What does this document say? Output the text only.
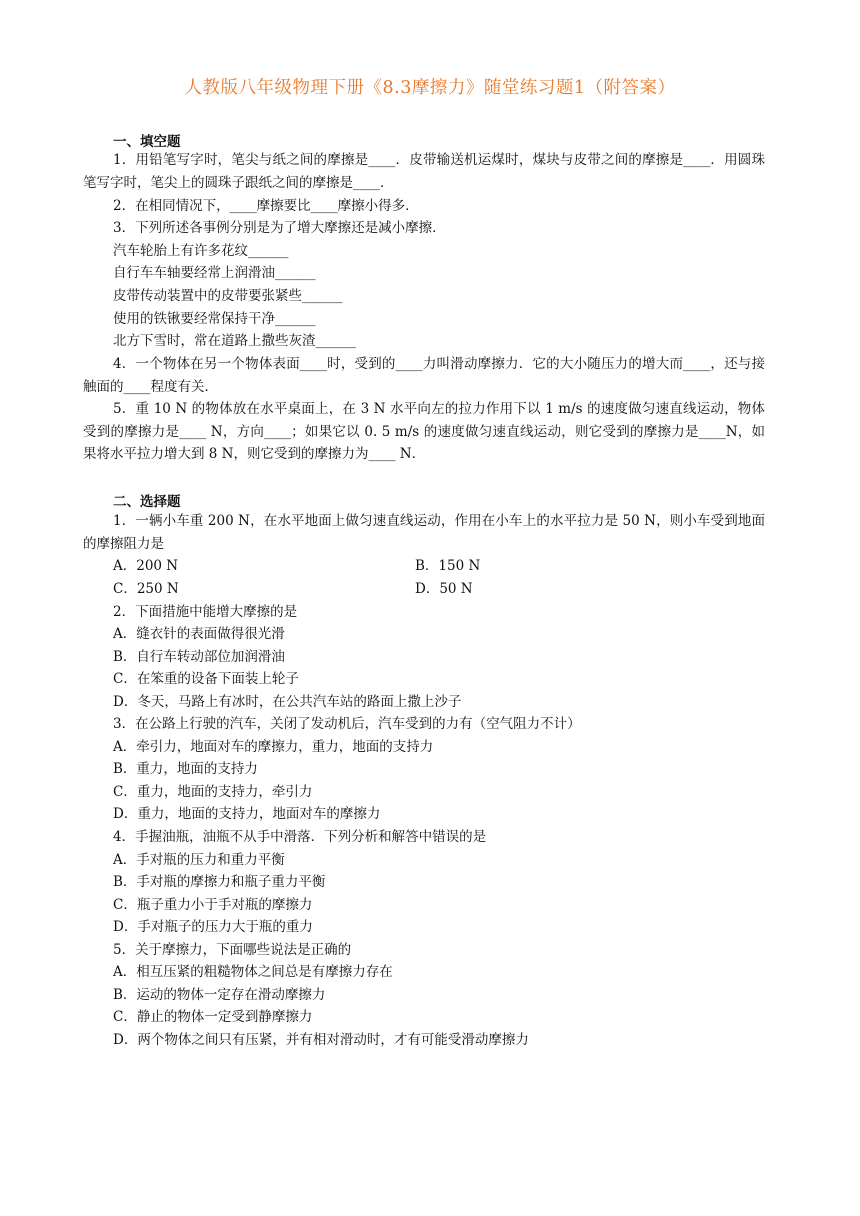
人教版八年级物理下册《8.3摩擦力》随堂练习题1（附答案）
一、填空题

1．用铅笔写字时，笔尖与纸之间的摩擦是____．皮带输送机运煤时，煤块与皮带之间的摩擦是____．用圆珠笔写字时，笔尖上的圆珠子跟纸之间的摩擦是____．

2．在相同情况下，____摩擦要比____摩擦小得多．
3．下列所述各事例分别是为了增大摩擦还是减小摩擦．
汽车轮胎上有许多花纹______
自行车车轴要经常上润滑油______
皮带传动装置中的皮带要张紧些______
使用的铁锹要经常保持干净______
北方下雪时，常在道路上撒些灰渣______

4．一个物体在另一个物体表面____时，受到的____力叫滑动摩擦力．它的大小随压力的增大而____，还与接触面的____程度有关．

5．重 10 N 的物体放在水平桌面上，在 3 N 水平向左的拉力作用下以 1 m/s 的速度做匀速直线运动，物体受到的摩擦力是____ N，方向____；如果它以 0. 5 m/s 的速度做匀速直线运动，则它受到的摩擦力是____N，如果将水平拉力增大到 8 N，则它受到的摩擦力为____ N．

二、选择题

1．一辆小车重 200 N，在水平地面上做匀速直线运动，作用在小车上的水平拉力是 50 N，则小车受到地面的摩擦阻力是

A．200 N	B．150 N
C．250 N	D．50 N
2．下面措施中能增大摩擦的是
A．缝衣针的表面做得很光滑
B．自行车转动部位加润滑油
C．在笨重的设备下面装上轮子
D．冬天，马路上有冰时，在公共汽车站的路面上撒上沙子
3．在公路上行驶的汽车，关闭了发动机后，汽车受到的力有（空气阻力不计）
A．牵引力，地面对车的摩擦力，重力，地面的支持力
B．重力，地面的支持力
C．重力，地面的支持力，牵引力
D．重力，地面的支持力，地面对车的摩擦力
4．手握油瓶，油瓶不从手中滑落．下列分析和解答中错误的是
A．手对瓶的压力和重力平衡
B．手对瓶的摩擦力和瓶子重力平衡
C．瓶子重力小于手对瓶的摩擦力
D．手对瓶子的压力大于瓶的重力
5．关于摩擦力，下面哪些说法是正确的
A．相互压紧的粗糙物体之间总是有摩擦力存在
B．运动的物体一定存在滑动摩擦力
C．静止的物体一定受到静摩擦力
D．两个物体之间只有压紧，并有相对滑动时，才有可能受滑动摩擦力
